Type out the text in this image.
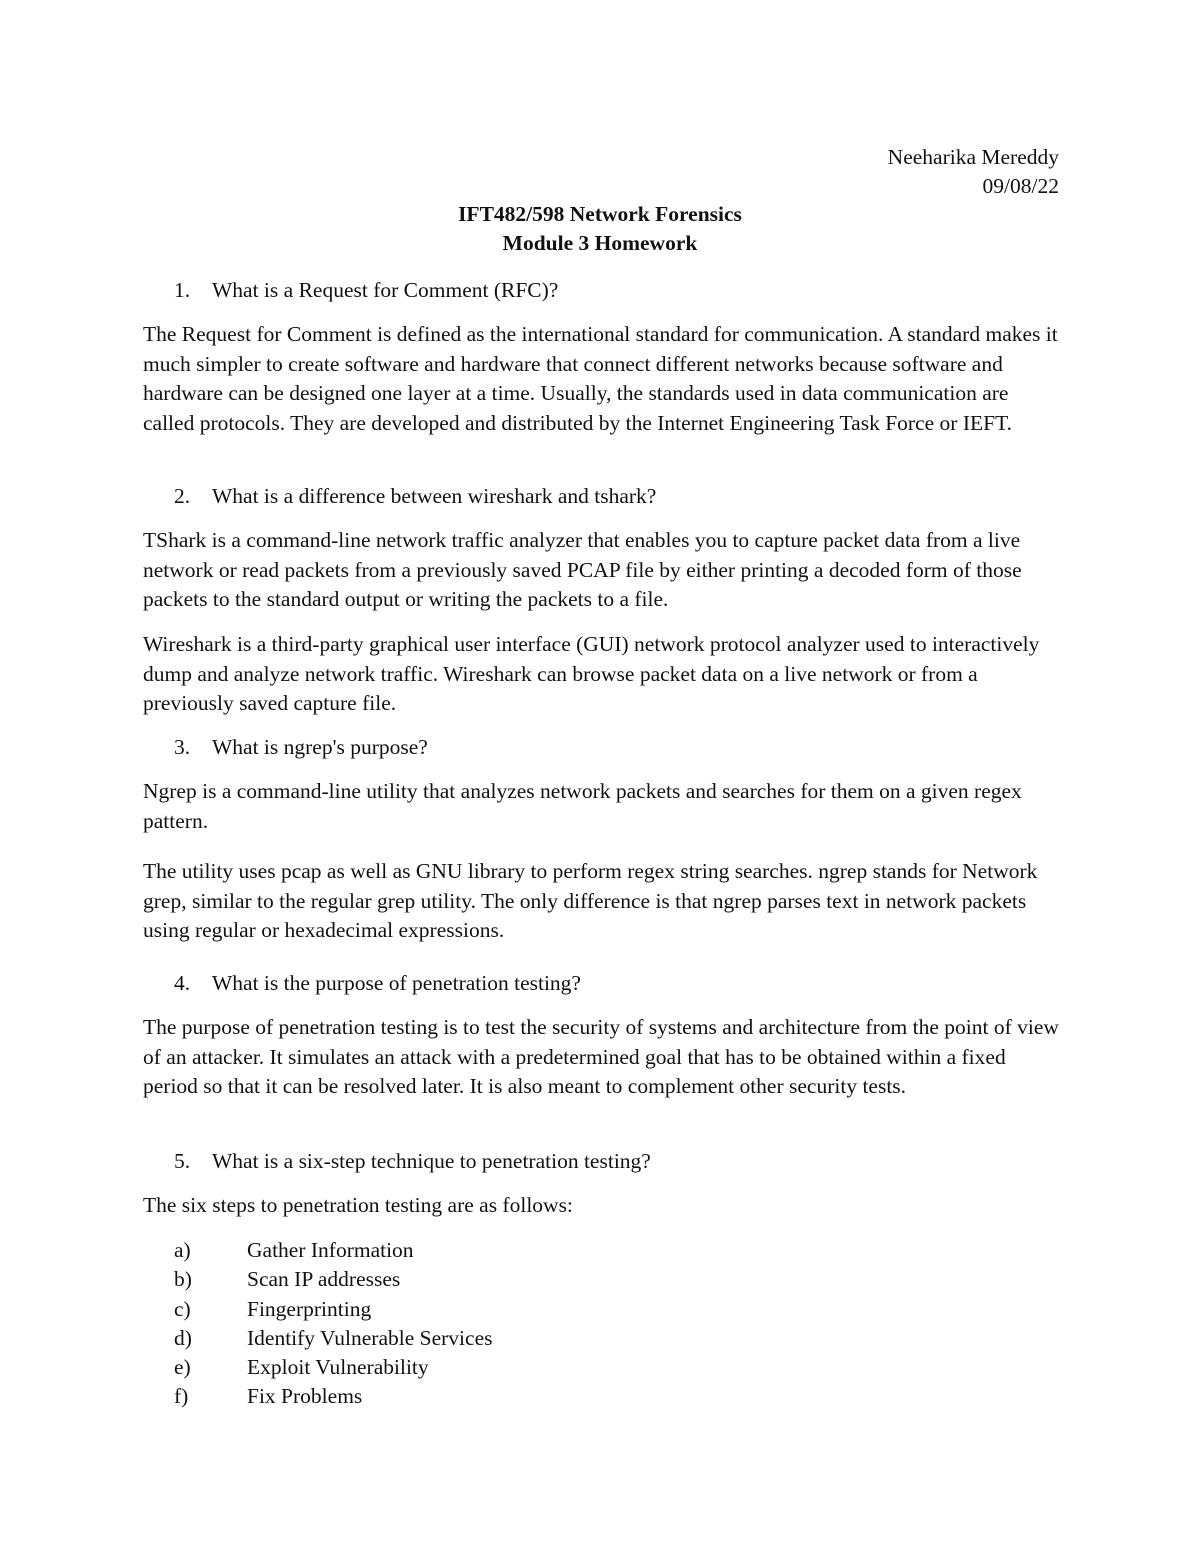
Neeharika Mereddy
09/08/22
IFT482/598 Network Forensics
Module 3 Homework
1. What is a Request for Comment (RFC)?
The Request for Comment is defined as the international standard for communication. A standard makes it much simpler to create software and hardware that connect different networks because software and hardware can be designed one layer at a time. Usually, the standards used in data communication are called protocols. They are developed and distributed by the Internet Engineering Task Force or IEFT.
2. What is a difference between wireshark and tshark?
TShark is a command-line network traffic analyzer that enables you to capture packet data from a live network or read packets from a previously saved PCAP file by either printing a decoded form of those packets to the standard output or writing the packets to a file.
Wireshark is a third-party graphical user interface (GUI) network protocol analyzer used to interactively dump and analyze network traffic. Wireshark can browse packet data on a live network or from a previously saved capture file.
3. What is ngrep's purpose?
Ngrep is a command-line utility that analyzes network packets and searches for them on a given regex pattern.
The utility uses pcap as well as GNU library to perform regex string searches. ngrep stands for Network grep, similar to the regular grep utility. The only difference is that ngrep parses text in network packets using regular or hexadecimal expressions.
4. What is the purpose of penetration testing?
The purpose of penetration testing is to test the security of systems and architecture from the point of view of an attacker. It simulates an attack with a predetermined goal that has to be obtained within a fixed period so that it can be resolved later. It is also meant to complement other security tests.
5. What is a six-step technique to penetration testing?
The six steps to penetration testing are as follows:
a)	Gather Information
b)	Scan IP addresses
c)	Fingerprinting
d)	Identify Vulnerable Services
e)	Exploit Vulnerability
f)	Fix Problems
